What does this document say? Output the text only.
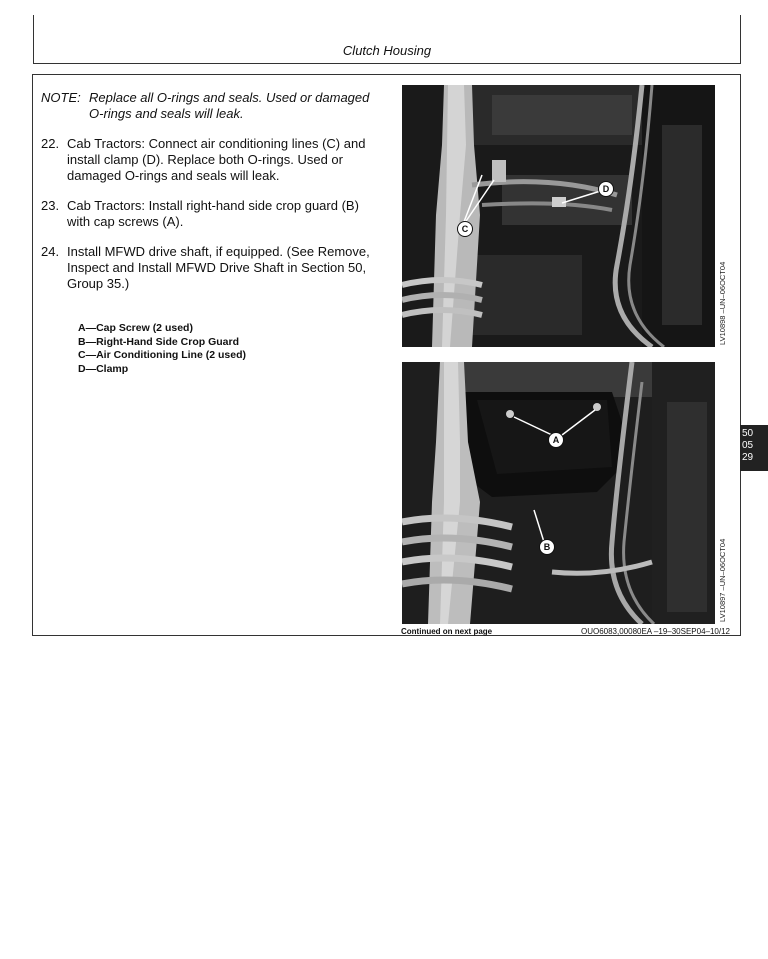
Clutch Housing
NOTE: Replace all O-rings and seals. Used or damaged
O-rings and seals will leak.
22. Cab Tractors: Connect air conditioning lines (C) and
install clamp (D). Replace both O-rings. Used or
damaged O-rings and seals will leak.
23. Cab Tractors: Install right-hand side crop guard (B)
with cap screws (A).
24. Install MFWD drive shaft, if equipped. (See Remove,
Inspect and Install MFWD Drive Shaft in Section 50,
Group 35.)
A—Cap Screw (2 used)
B—Right-Hand Side Crop Guard
C—Air Conditioning Line (2 used)
D—Clamp
C
D
LV10898 –UN–06OCT04
A
B	LV10897 –UN–06OCT04
Continued on next page	OUO6083,00080EA –19–30SEP04–10/12
50
05
29
